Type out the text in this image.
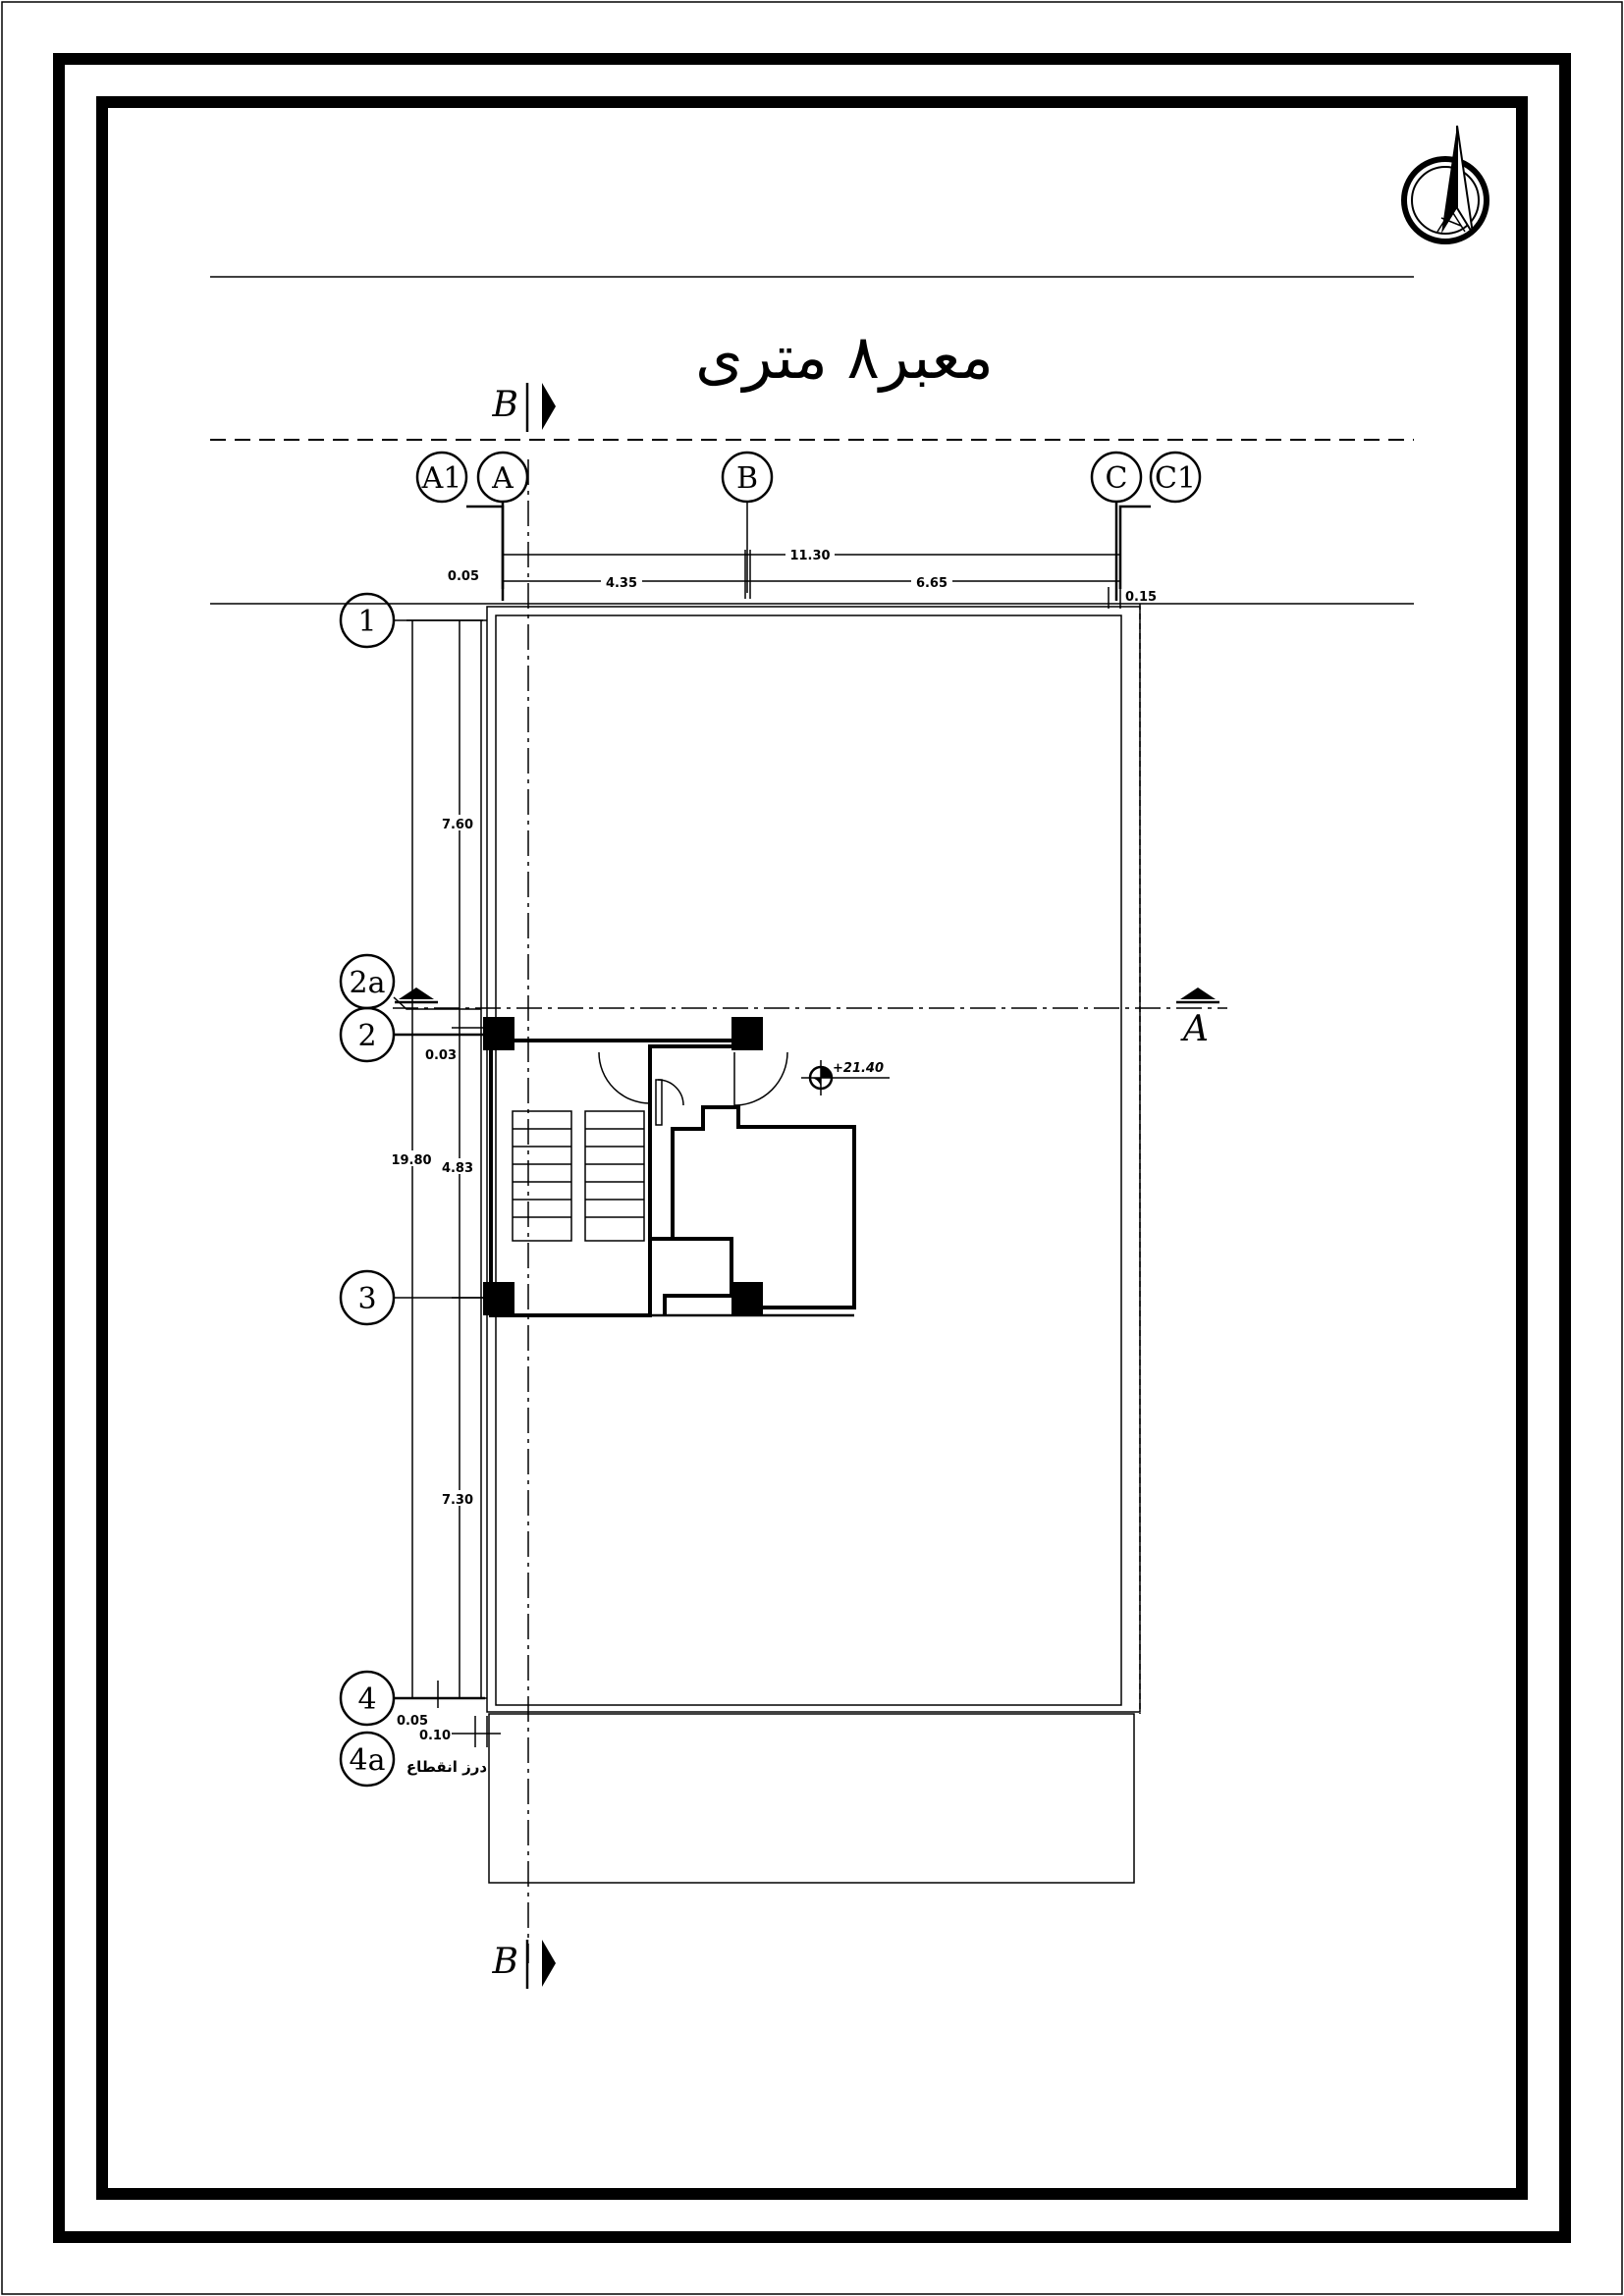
معبر۸ متری
B
B
A
A1 A	B	C C1
11.30
4.35	6.65
0.05
0.15
1
2a
2
3
4
4a
7.60
19.80
0.03
4.83
7.30
0.05
0.10
درز انقطاع
+21.40
